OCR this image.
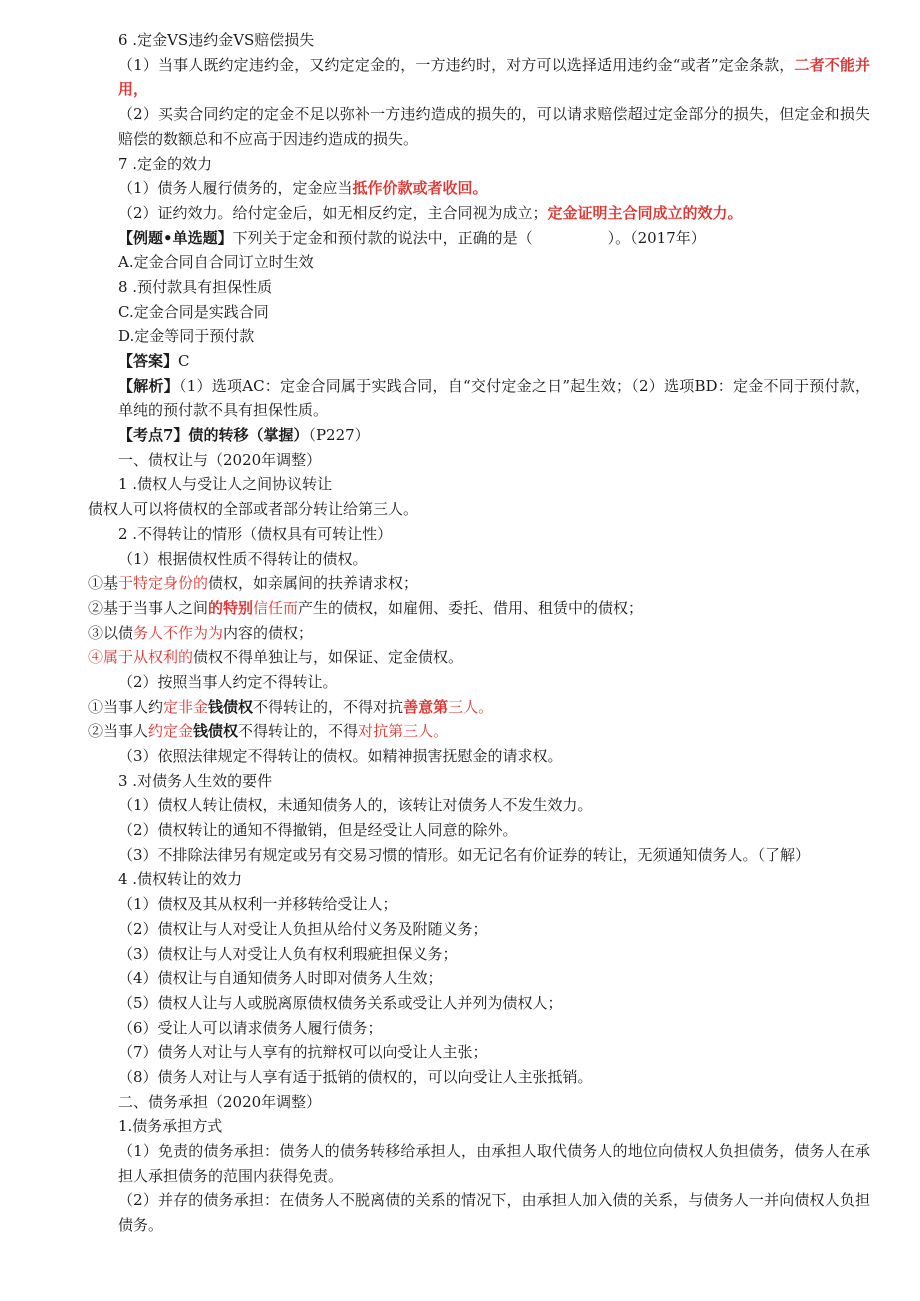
6 .定金VS违约金VS赔偿损失
（1）当事人既约定违约金，又约定定金的，一方违约时，对方可以选择适用违约金“或者”定金条款，二者不能并用，
（2）买卖合同约定的定金不足以弥补一方违约造成的损失的，可以请求赔偿超过定金部分的损失，但定金和损失赔偿的数额总和不应高于因违约造成的损失。
7 .定金的效力
（1）债务人履行债务的，定金应当抵作价款或者收回。
（2）证约效力。给付定金后，如无相反约定，主合同视为成立；定金证明主合同成立的效力。
【例题•单选题】下列关于定金和预付款的说法中，正确的是（　　　　　）。（2017年）
A.定金合同自合同订立时生效
8 .预付款具有担保性质
C.定金合同是实践合同
D.定金等同于预付款
【答案】C
【解析】（1）选项AC：定金合同属于实践合同，自“交付定金之日”起生效；（2）选项BD：定金不同于预付款，单纯的预付款不具有担保性质。
【考点7】债的转移（掌握）（P227）
一、债权让与（2020年调整）
1 .债权人与受让人之间协议转让
债权人可以将债权的全部或者部分转让给第三人。
2 .不得转让的情形（债权具有可转让性）
（1）根据债权性质不得转让的债权。
①基于特定身份的债权，如亲属间的扶养请求权；
②基于当事人之间的特别信任而产生的债权，如雇佣、委托、借用、租赁中的债权；
③以债务人不作为为内容的债权；
④属于从权利的债权不得单独让与，如保证、定金债权。
（2）按照当事人约定不得转让。
①当事人约定非金钱债权不得转让的，不得对抗善意第三人。
②当事人约定金钱债权不得转让的，不得对抗第三人。
（3）依照法律规定不得转让的债权。如精神损害抚慰金的请求权。
3 .对债务人生效的要件
（1）债权人转让债权，未通知债务人的，该转让对债务人不发生效力。
（2）债权转让的通知不得撤销，但是经受让人同意的除外。
（3）不排除法律另有规定或另有交易习惯的情形。如无记名有价证券的转让，无须通知债务人。（了解）
4 .债权转让的效力
（1）债权及其从权利一并移转给受让人；
（2）债权让与人对受让人负担从给付义务及附随义务；
（3）债权让与人对受让人负有权利瑕疵担保义务；
（4）债权让与自通知债务人时即对债务人生效；
（5）债权人让与人或脱离原债权债务关系或受让人并列为债权人；
（6）受让人可以请求债务人履行债务；
（7）债务人对让与人享有的抗辩权可以向受让人主张；
（8）债务人对让与人享有适于抵销的债权的，可以向受让人主张抵销。
二、债务承担（2020年调整）
1.债务承担方式
（1）免责的债务承担：债务人的债务转移给承担人，由承担人取代债务人的地位向债权人负担债务，债务人在承担人承担债务的范围内获得免责。
（2）并存的债务承担：在债务人不脱离债的关系的情况下，由承担人加入债的关系，与债务人一并向债权人负担债务。
